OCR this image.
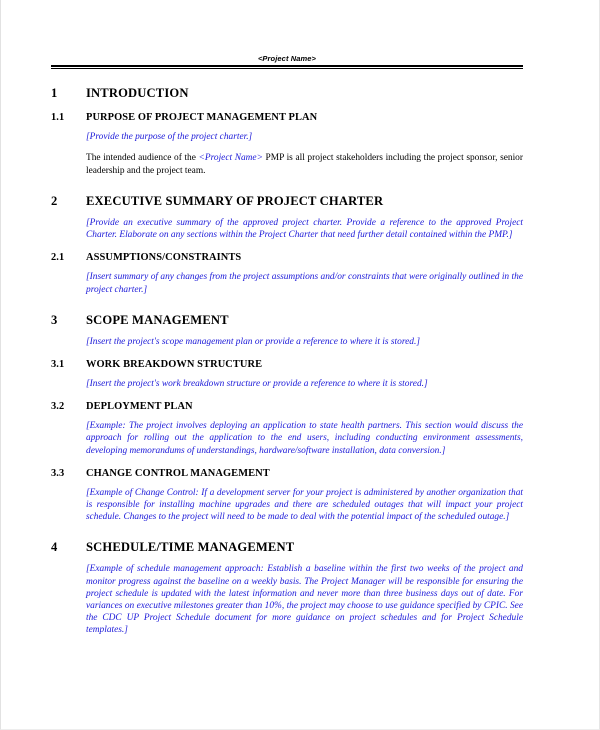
<Project Name>
1	INTRODUCTION
1.1	PURPOSE OF PROJECT MANAGEMENT PLAN

[Provide the purpose of the project charter.]

The intended audience of the <Project Name> PMP is all project stakeholders including the project sponsor, senior leadership and the project team.

2	EXECUTIVE SUMMARY OF PROJECT CHARTER

[Provide an executive summary of the approved project charter. Provide a reference to the approved Project Charter. Elaborate on any sections within the Project Charter that need further detail contained within the PMP.]

2.1	ASSUMPTIONS/CONSTRAINTS

[Insert summary of any changes from the project assumptions and/or constraints that were originally outlined in the project charter.]

3	SCOPE MANAGEMENT

[Insert the project's scope management plan or provide a reference to where it is stored.]

3.1	WORK BREAKDOWN STRUCTURE

[Insert the project's work breakdown structure or provide a reference to where it is stored.]

3.2	DEPLOYMENT PLAN

[Example: The project involves deploying an application to state health partners. This section would discuss the approach for rolling out the application to the end users, including conducting environment assessments, developing memorandums of understandings, hardware/software installation, data conversion.]

3.3	CHANGE CONTROL MANAGEMENT

[Example of Change Control: If a development server for your project is administered by another organization that is responsible for installing machine upgrades and there are scheduled outages that will impact your project schedule. Changes to the project will need to be made to deal with the potential impact of the scheduled outage.]

4	SCHEDULE/TIME MANAGEMENT

[Example of schedule management approach: Establish a baseline within the first two weeks of the project and monitor progress against the baseline on a weekly basis. The Project Manager will be responsible for ensuring the project schedule is updated with the latest information and never more than three business days out of date. For variances on executive milestones greater than 10%, the project may choose to use guidance specified by CPIC. See the CDC UP Project Schedule document for more guidance on project schedules and for Project Schedule templates.]
